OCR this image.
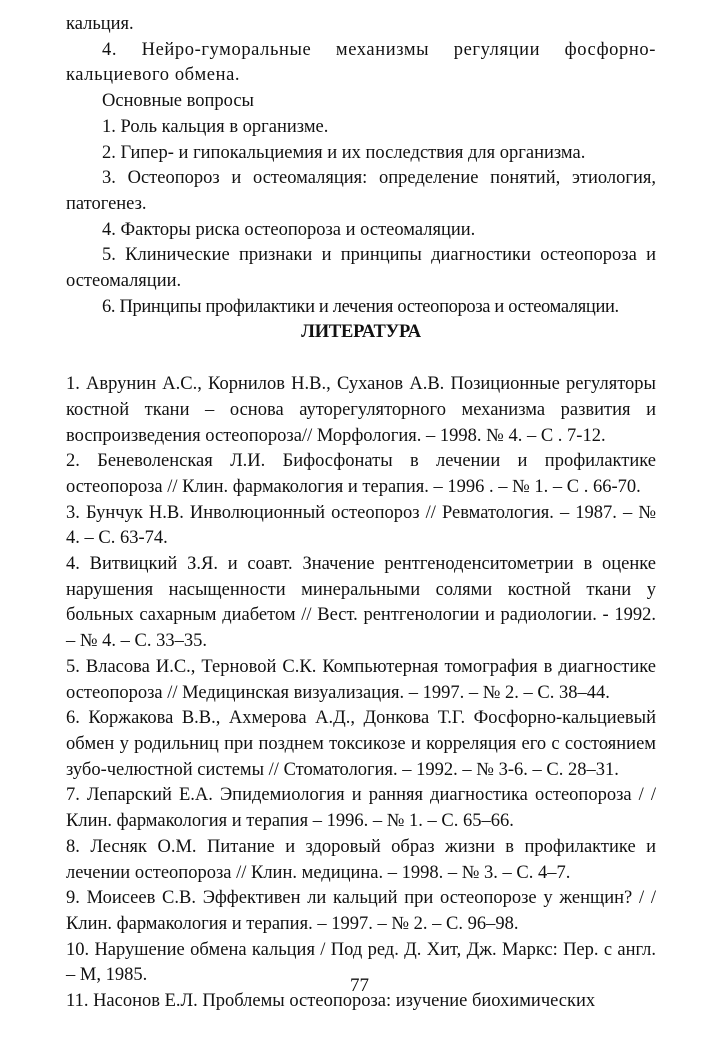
кальция.

4. Нейро-гуморальные механизмы регуляции фосфорно-кальциевого обмена.

Основные вопросы

1. Роль кальция в организме.

2. Гипер- и гипокальциемия и их последствия для организма.

3. Остеопороз и остеомаляция: определение понятий, этиология, патогенез.

4. Факторы риска остеопороза и остеомаляции.

5. Клинические признаки и принципы диагностики остеопороза и остеомаляции.

6. Принципы профилактики и лечения остеопороза и остеомаляции.

ЛИТЕРАТУРА

1. Аврунин А.С., Корнилов Н.В., Суханов А.В. Позиционные регуляторы костной ткани – основа ауторегуляторного механизма развития и воспроизведения остеопороза// Морфология. – 1998. № 4. – С . 7-12.

2. Беневоленская Л.И. Бифосфонаты в лечении и профилактике остеопороза // Клин. фармакология и терапия. – 1996 . – № 1. – С . 66-70.

3. Бунчук Н.В. Инволюционный остеопороз // Ревматология. – 1987. – № 4. – С. 63-74.

4. Витвицкий З.Я. и соавт. Значение рентгеноденситометрии в оценке нарушения насыщенности минеральными солями костной ткани у больных сахарным диабетом // Вест. рентгенологии и радиологии. - 1992. – № 4. – С. 33–35.

5. Власова И.С., Терновой С.К. Компьютерная томография в диагностике остеопороза // Медицинская визуализация. – 1997. – № 2. – С. 38–44.

6. Коржакова В.В., Ахмерова А.Д., Донкова Т.Г. Фосфорно-кальциевый обмен у родильниц при позднем токсикозе и корреляция его с состоянием зубо-челюстной системы // Стоматология. – 1992. – № 3-6. – С. 28–31.

7. Лепарский Е.А. Эпидемиология и ранняя диагностика остеопороза / / Клин. фармакология и терапия – 1996. – № 1. – С. 65–66.

8. Лесняк О.М. Питание и здоровый образ жизни в профилактике и лечении остеопороза // Клин. медицина. – 1998. – № 3. – С. 4–7.

9. Моисеев С.В. Эффективен ли кальций при остеопорозе у женщин? / / Клин. фармакология и терапия. – 1997. – № 2. – С. 96–98.

10. Нарушение обмена кальция / Под ред. Д. Хит, Дж. Маркс: Пер. с англ. – М, 1985.

11. Насонов Е.Л. Проблемы остеопороза: изучение биохимических

77
